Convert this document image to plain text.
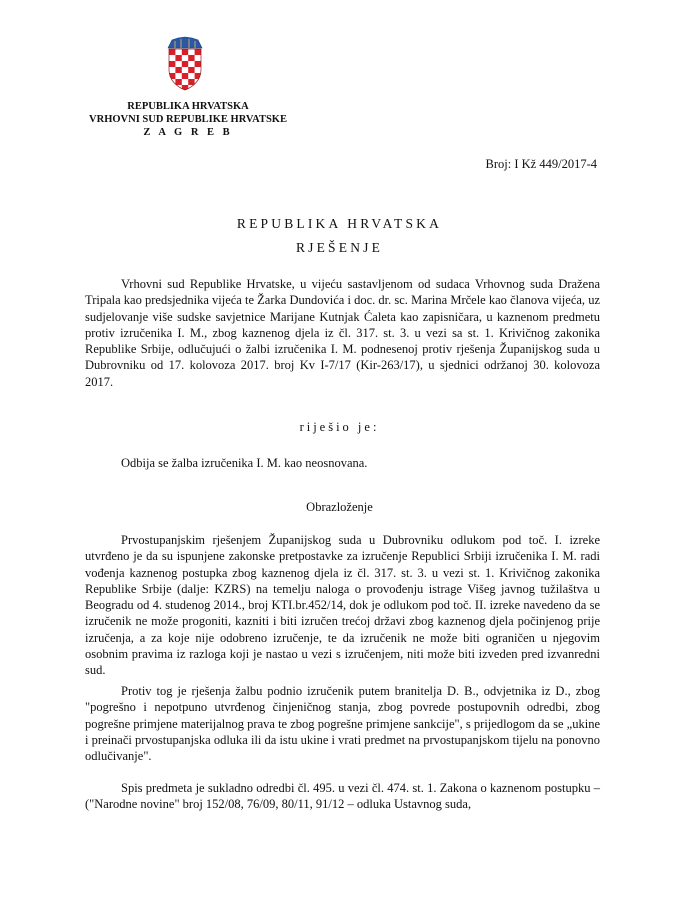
REPUBLIKA HRVATSKA
VRHOVNI SUD REPUBLIKE HRVATSKE
Z A G R E B
Broj: I Kž 449/2017-4
REPUBLIKA HRVATSKA
RJEŠENJE

Vrhovni sud Republike Hrvatske, u vijeću sastavljenom od sudaca Vrhovnog suda Dražena Tripala kao predsjednika vijeća te Žarka Dundovića i doc. dr. sc. Marina Mrčele kao članova vijeća, uz sudjelovanje više sudske savjetnice Marijane Kutnjak Ćaleta kao zapisničara, u kaznenom predmetu protiv izručenika I. M., zbog kaznenog djela iz čl. 317. st. 3. u vezi sa st. 1. Krivičnog zakonika Republike Srbije, odlučujući o žalbi izručenika I. M. podnesenoj protiv rješenja Županijskog suda u Dubrovniku od 17. kolovoza 2017. broj Kv I-7/17 (Kir-263/17), u sjednici održanoj 30. kolovoza 2017.

riješio je:
Odbija se žalba izručenika I. M. kao neosnovana.
Obrazloženje

Prvostupanjskim rješenjem Županijskog suda u Dubrovniku odlukom pod toč. I. izreke utvrđeno je da su ispunjene zakonske pretpostavke za izručenje Republici Srbiji izručenika I. M. radi vođenja kaznenog postupka zbog kaznenog djela iz čl. 317. st. 3. u vezi st. 1. Krivičnog zakonika Republike Srbije (dalje: KZRS) na temelju naloga o provođenju istrage Višeg javnog tužilaštva u Beogradu od 4. studenog 2014., broj KTI.br.452/14, dok je odlukom pod toč. II. izreke navedeno da se izručenik ne može progoniti, kazniti i biti izručen trećoj državi zbog kaznenog djela počinjenog prije izručenja, a za koje nije odobreno izručenje, te da izručenik ne može biti ograničen u njegovim osobnim pravima iz razloga koji je nastao u vezi s izručenjem, niti može biti izveden pred izvanredni sud.

Protiv tog je rješenja žalbu podnio izručenik putem branitelja D. B., odvjetnika iz D., zbog "pogrešno i nepotpuno utvrđenog činjeničnog stanja, zbog povrede postupovnih odredbi, zbog pogrešne primjene materijalnog prava te zbog pogrešne primjene sankcije", s prijedlogom da se „ukine i preinači prvostupanjska odluka ili da istu ukine i vrati predmet na prvostupanjskom tijelu na ponovno odlučivanje".

Spis predmeta je sukladno odredbi čl. 495. u vezi čl. 474. st. 1. Zakona o kaznenom postupku – ("Narodne novine" broj 152/08, 76/09, 80/11, 91/12 – odluka Ustavnog suda,
